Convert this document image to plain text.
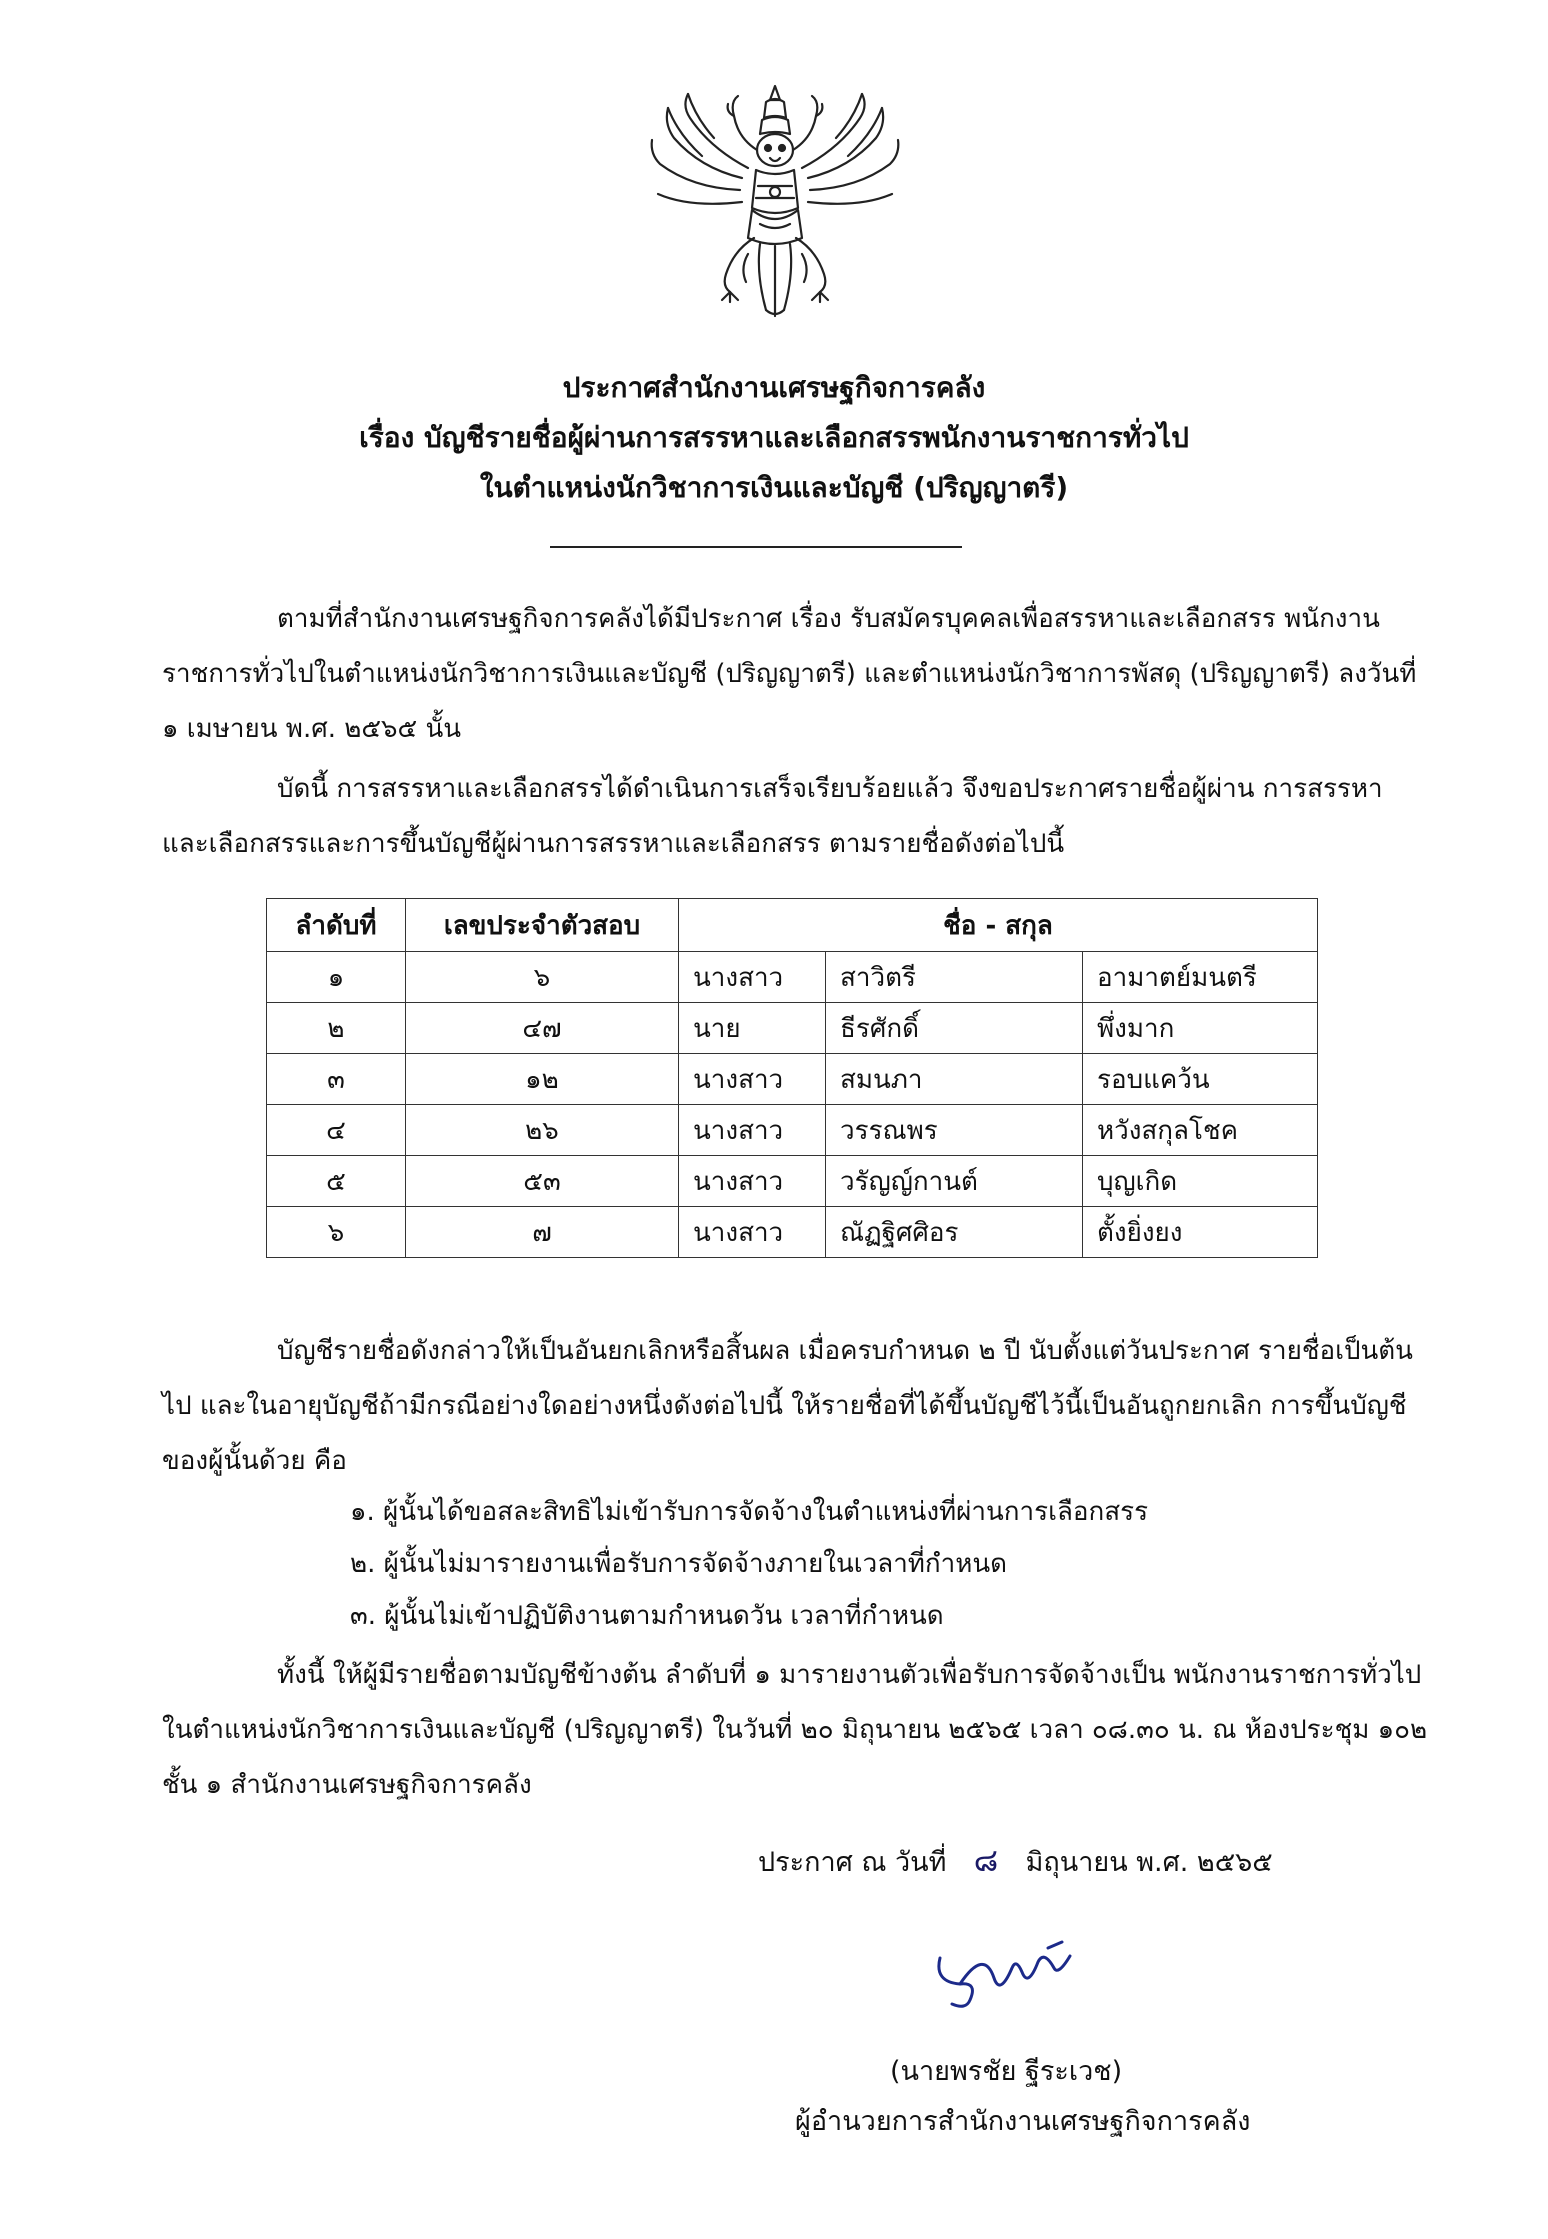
ประกาศสำนักงานเศรษฐกิจการคลัง
เรื่อง บัญชีรายชื่อผู้ผ่านการสรรหาและเลือกสรรพนักงานราชการทั่วไป
ในตำแหน่งนักวิชาการเงินและบัญชี (ปริญญาตรี)
ตามที่สำนักงานเศรษฐกิจการคลังได้มีประกาศ เรื่อง รับสมัครบุคคลเพื่อสรรหาและเลือกสรร พนักงานราชการทั่วไปในตำแหน่งนักวิชาการเงินและบัญชี (ปริญญาตรี) และตำแหน่งนักวิชาการพัสดุ (ปริญญาตรี) ลงวันที่ ๑ เมษายน พ.ศ. ๒๕๖๕ นั้น
บัดนี้ การสรรหาและเลือกสรรได้ดำเนินการเสร็จเรียบร้อยแล้ว จึงขอประกาศรายชื่อผู้ผ่าน การสรรหาและเลือกสรรและการขึ้นบัญชีผู้ผ่านการสรรหาและเลือกสรร ตามรายชื่อดังต่อไปนี้
ลำดับที่	เลขประจำตัวสอบ	ชื่อ - สกุล		
๑	๖	นางสาว	สาวิตรี	อามาตย์มนตรี
๒	๔๗	นาย	ธีรศักดิ์	พึ่งมาก
๓	๑๒	นางสาว	สมนภา	รอบแคว้น
๔	๒๖	นางสาว	วรรณพร	หวังสกุลโชค
๕	๕๓	นางสาว	วรัญญ์กานต์	บุญเกิด
๖	๗	นางสาว	ณัฏฐิศศิอร	ตั้งยิ่งยง
บัญชีรายชื่อดังกล่าวให้เป็นอันยกเลิกหรือสิ้นผล เมื่อครบกำหนด ๒ ปี นับตั้งแต่วันประกาศ รายชื่อเป็นต้นไป และในอายุบัญชีถ้ามีกรณีอย่างใดอย่างหนึ่งดังต่อไปนี้ ให้รายชื่อที่ได้ขึ้นบัญชีไว้นี้เป็นอันถูกยกเลิก การขึ้นบัญชีของผู้นั้นด้วย คือ
๑. ผู้นั้นได้ขอสละสิทธิไม่เข้ารับการจัดจ้างในตำแหน่งที่ผ่านการเลือกสรร
๒. ผู้นั้นไม่มารายงานเพื่อรับการจัดจ้างภายในเวลาที่กำหนด
๓. ผู้นั้นไม่เข้าปฏิบัติงานตามกำหนดวัน เวลาที่กำหนด
ทั้งนี้ ให้ผู้มีรายชื่อตามบัญชีข้างต้น ลำดับที่ ๑ มารายงานตัวเพื่อรับการจัดจ้างเป็น พนักงานราชการทั่วไปในตำแหน่งนักวิชาการเงินและบัญชี (ปริญญาตรี) ในวันที่ ๒๐ มิถุนายน ๒๕๖๕ เวลา ๐๘.๓๐ น. ณ ห้องประชุม ๑๐๒ ชั้น ๑ สำนักงานเศรษฐกิจการคลัง
ประกาศ ณ วันที่ ๘ มิถุนายน พ.ศ. ๒๕๖๕
(นายพรชัย ฐีระเวช)
ผู้อำนวยการสำนักงานเศรษฐกิจการคลัง
